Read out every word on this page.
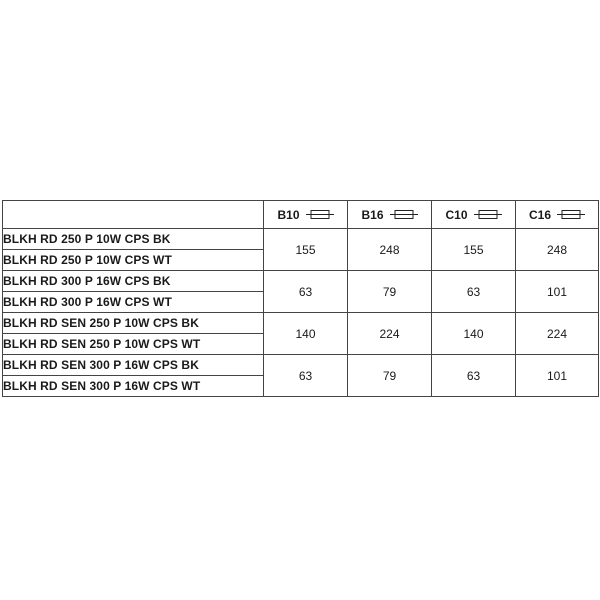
	B10	B16	C10	C16

BLKH RD 250 P 10W CPS BK	155	248	155	248
BLKH RD 250 P 10W CPS WT				
BLKH RD 300 P 16W CPS BK	63	79	63	101
BLKH RD 300 P 16W CPS WT				
BLKH RD SEN 250 P 10W CPS BK	140	224	140	224
BLKH RD SEN 250 P 10W CPS WT				
BLKH RD SEN 300 P 16W CPS BK	63	79	63	101
BLKH RD SEN 300 P 16W CPS WT				
